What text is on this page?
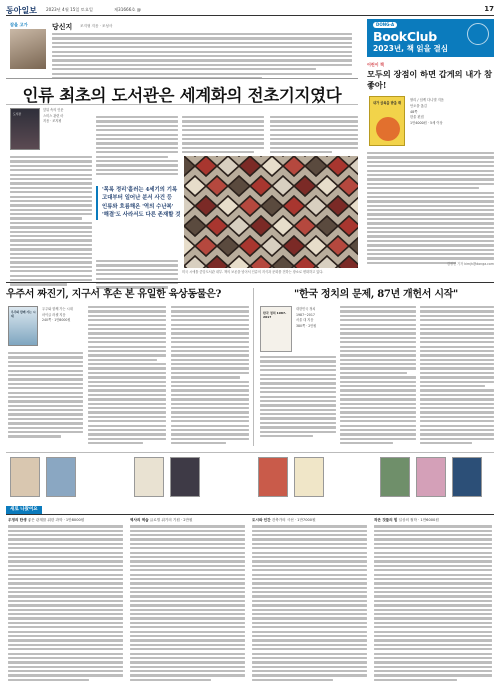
동아일보 2023년 4월 15일 토요일	제31666호 @	17
DONG-A
BookClub
2023년, 책 읽을 결심
잠을 고가	당신지 조지형 지음 · 조성사
인류 최초의 도서관은 세계화의 전초기지였다
도서관
앞뒤 속의 인문
스미스 관련 마
지음 · 조지평
'목록 정리'흘러는 4세기의 기록
고대부터 일어난 분서 사건 등
인류와 흐름해온 '역의 수난복'
'해결'도 사라서도 다른 존재할 것
미국 시애틀 중앙도서관 내부. 책의 보존을 넘어서 인류의 지식과 문화를 전하는 장소로 변화하고 있다.
어린이 책
모두의 장점이 하면 갑게의 내가 참 좋아!
내가 굴욕을 받을 때
딸리 / 임케 다니엘 지음
안오을 옮김
48쪽
한울 편집
1만4000원 · 5세 이상
김정현 기자 kimjh@donga.com
우주서 짜진기, 지구서 후손 본 유일한 육상동물은?
우주와 함께 가는 시대
우주와 함께 가는 시대
마이클 러셀 지음
240쪽 · 1만8000원
"한국 정치의 문제, 87년 개헌서 시작"
한국 정치 1987-2017
대한민국 정치
1987~2017
서울 대 지음
380쪽 · 2만원
새로 나왔어요
우정의 탄생 좋은 관계를 위한 과학 · 1만8000원	역사의 역습 글로벌 위기의 기원 · 2만원	도시와 인간 건축가의 시선 · 1만7000원	작은 것들의 힘 일상의 철학 · 1만6000원
